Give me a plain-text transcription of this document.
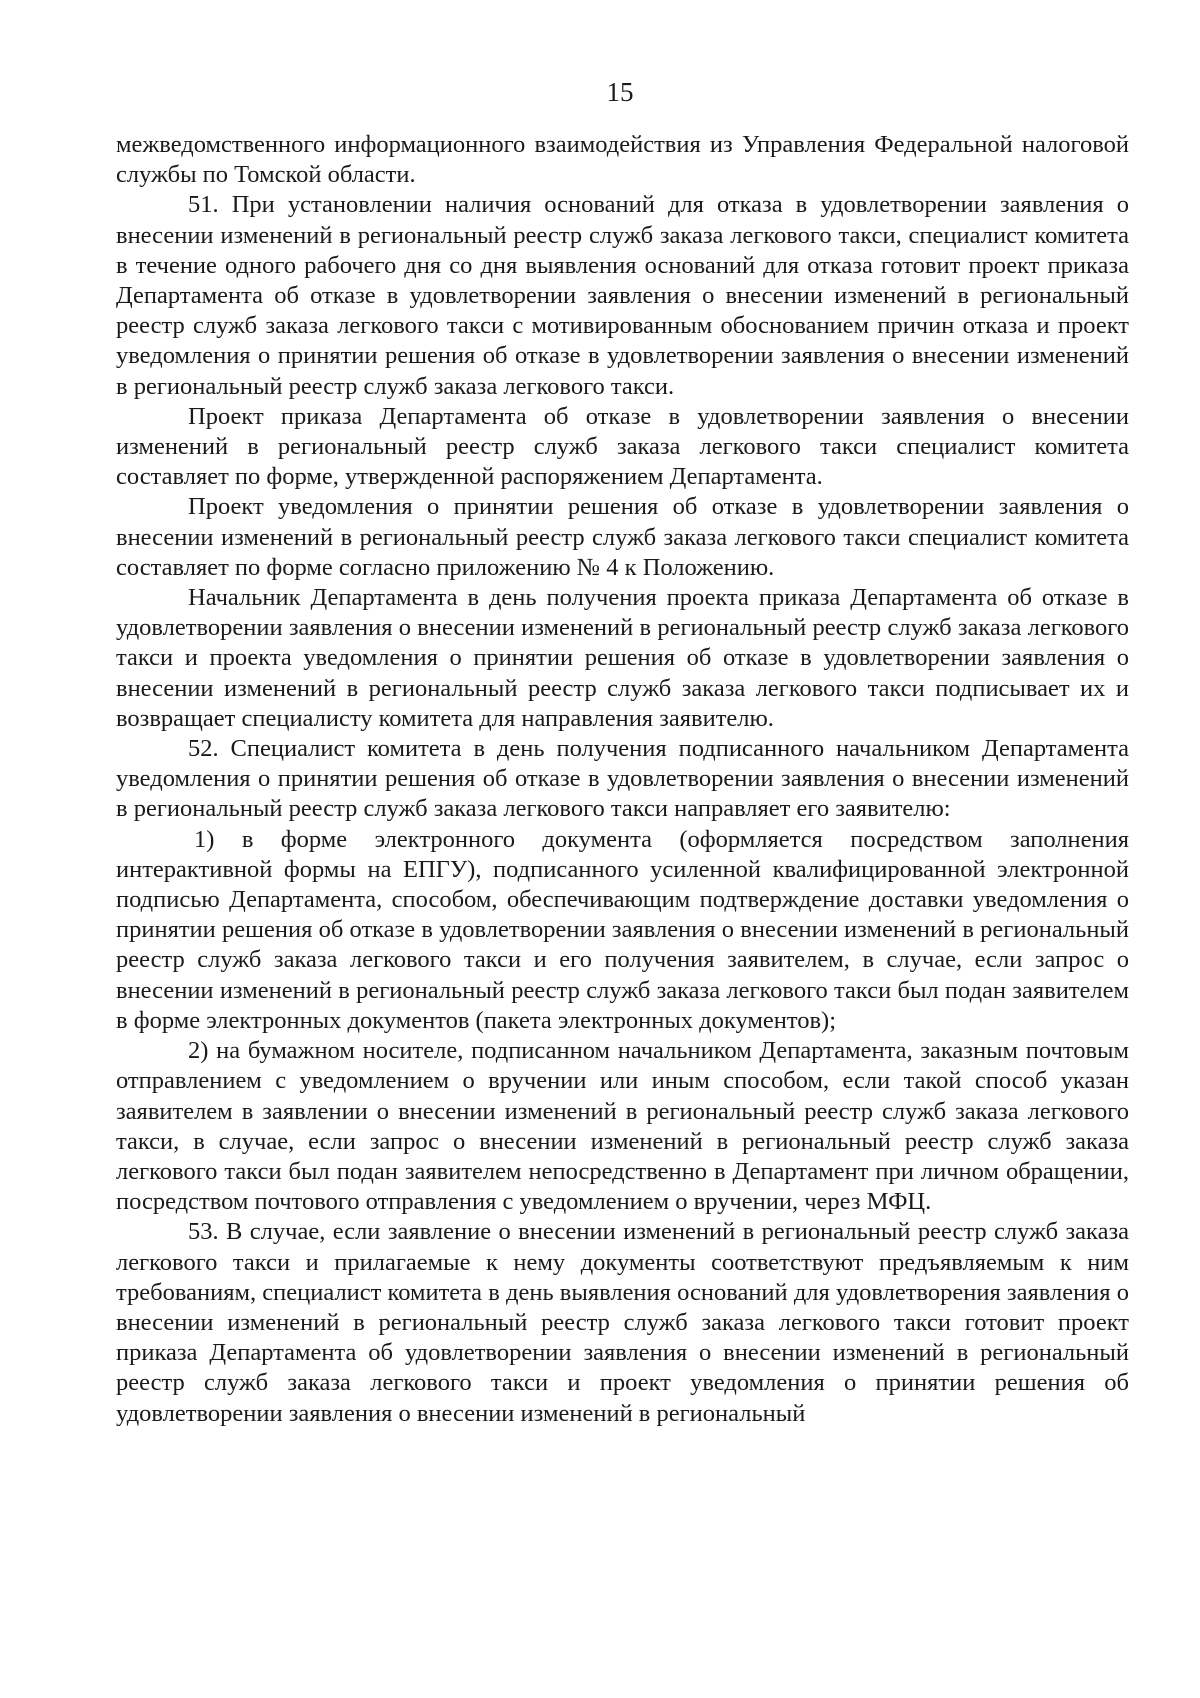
15

межведомственного информационного взаимодействия из Управления Федеральной налоговой службы по Томской области.

51. При установлении наличия оснований для отказа в удовлетворении заявления о внесении изменений в региональный реестр служб заказа легкового такси, специалист комитета в течение одного рабочего дня со дня выявления оснований для отказа готовит проект приказа Департамента об отказе в удовлетворении заявления о внесении изменений в региональный реестр служб заказа легкового такси с мотивированным обоснованием причин отказа и проект уведомления о принятии решения об отказе в удовлетворении заявления о внесении изменений в региональный реестр служб заказа легкового такси.

Проект приказа Департамента об отказе в удовлетворении заявления о внесении изменений в региональный реестр служб заказа легкового такси специалист комитета составляет по форме, утвержденной распоряжением Департамента.

Проект уведомления о принятии решения об отказе в удовлетворении заявления о внесении изменений в региональный реестр служб заказа легкового такси специалист комитета составляет по форме согласно приложению № 4 к Положению.

Начальник Департамента в день получения проекта приказа Департамента об отказе в удовлетворении заявления о внесении изменений в региональный реестр служб заказа легкового такси и проекта уведомления о принятии решения об отказе в удовлетворении заявления о внесении изменений в региональный реестр служб заказа легкового такси подписывает их и возвращает специалисту комитета для направления заявителю.

52. Специалист комитета в день получения подписанного начальником Департамента уведомления о принятии решения об отказе в удовлетворении заявления о внесении изменений в региональный реестр служб заказа легкового такси направляет его заявителю:

1) в форме электронного документа (оформляется посредством заполнения интерактивной формы на ЕПГУ), подписанного усиленной квалифицированной электронной подписью Департамента, способом, обеспечивающим подтверждение доставки уведомления о принятии решения об отказе в удовлетворении заявления о внесении изменений в региональный реестр служб заказа легкового такси и его получения заявителем, в случае, если запрос о внесении изменений в региональный реестр служб заказа легкового такси был подан заявителем в форме электронных документов (пакета электронных документов);

2) на бумажном носителе, подписанном начальником Департамента, заказным почтовым отправлением с уведомлением о вручении или иным способом, если такой способ указан заявителем в заявлении о внесении изменений в региональный реестр служб заказа легкового такси, в случае, если запрос о внесении изменений в региональный реестр служб заказа легкового такси был подан заявителем непосредственно в Департамент при личном обращении, посредством почтового отправления с уведомлением о вручении, через МФЦ.

53. В случае, если заявление о внесении изменений в региональный реестр служб заказа легкового такси и прилагаемые к нему документы соответствуют предъявляемым к ним требованиям, специалист комитета в день выявления оснований для удовлетворения заявления о внесении изменений в региональный реестр служб заказа легкового такси готовит проект приказа Департамента об удовлетворении заявления о внесении изменений в региональный реестр служб заказа легкового такси и проект уведомления о принятии решения об удовлетворении заявления о внесении изменений в региональный
